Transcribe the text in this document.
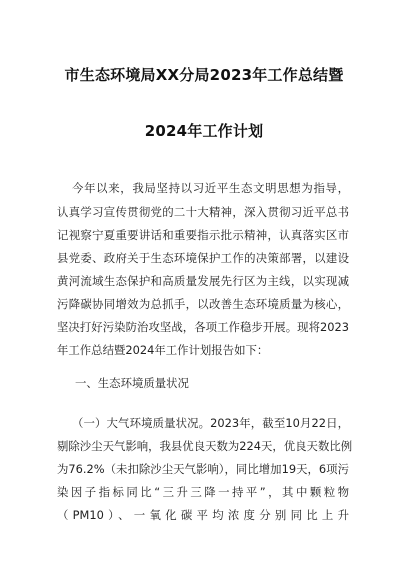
市生态环境局XX分局2023年工作总结暨
2024年工作计划
今年以来，我局坚持以习近平生态文明思想为指导，
认真学习宣传贯彻党的二十大精神，深入贯彻习近平总书
记视察宁夏重要讲话和重要指示批示精神，认真落实区市
县党委、政府关于生态环境保护工作的决策部署，以建设
黄河流域生态保护和高质量发展先行区为主线，以实现减
污降碳协同增效为总抓手，以改善生态环境质量为核心，
坚决打好污染防治攻坚战，各项工作稳步开展。现将2023
年工作总结暨2024年工作计划报告如下：
一、生态环境质量状况
（一）大气环境质量状况。2023年，截至10月22日，
剔除沙尘天气影响，我县优良天数为224天，优良天数比例
为76.2%（未扣除沙尘天气影响），同比增加19天，6项污
染因子指标同比“三升三降一持平”，其中颗粒物
（PM10）、一氧化碳平均浓度分别同比上升
